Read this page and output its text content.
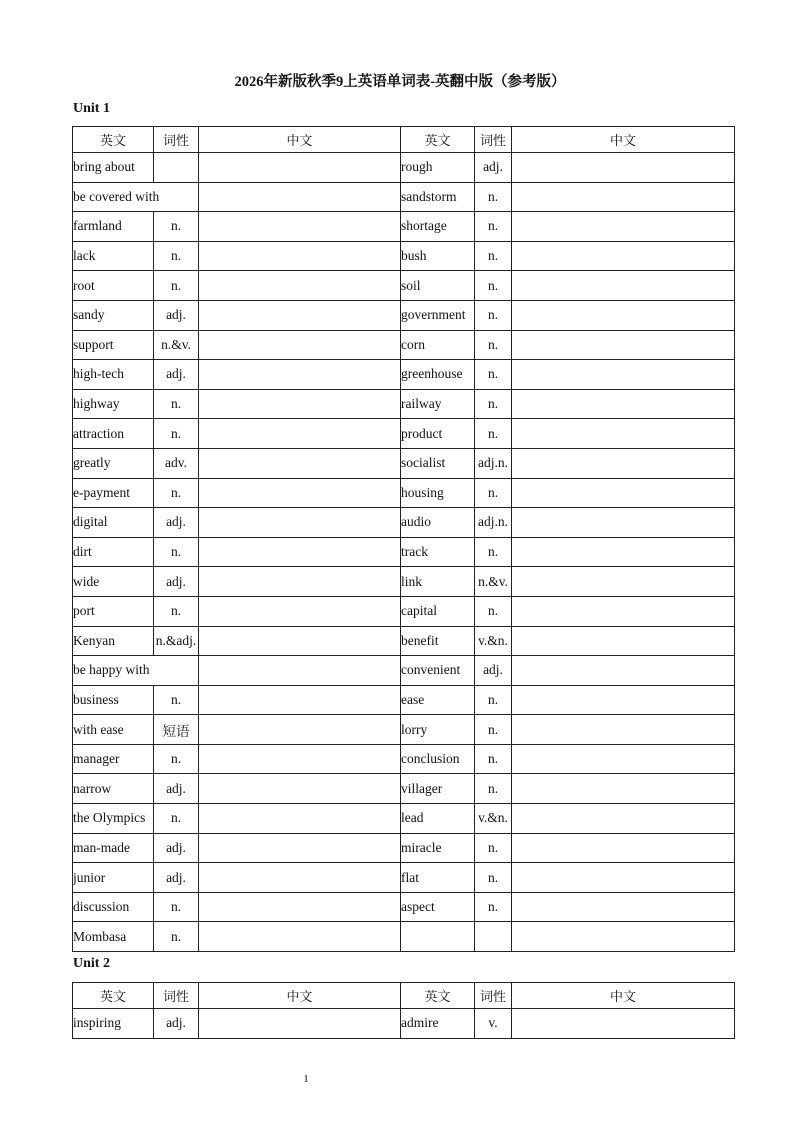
2026年新版秋季9上英语单词表-英翻中版（参考版）
Unit 1
英文	词性	中文	英文	词性	中文
bring about			rough	adj.	
be covered with			sandstorm	n.	
farmland	n.		shortage	n.	
lack	n.		bush	n.	
root	n.		soil	n.	
sandy	adj.		government	n.	
support	n.&v.		corn	n.	
high-tech	adj.		greenhouse	n.	
highway	n.		railway	n.	
attraction	n.		product	n.	
greatly	adv.		socialist	adj.n.	
e-payment	n.		housing	n.	
digital	adj.		audio	adj.n.	
dirt	n.		track	n.	
wide	adj.		link	n.&v.	
port	n.		capital	n.	
Kenyan	n.&adj.		benefit	v.&n.	
be happy with			convenient	adj.	
business	n.		ease	n.	
with ease	短语		lorry	n.	
manager	n.		conclusion	n.	
narrow	adj.		villager	n.	
the Olympics	n.		lead	v.&n.	
man-made	adj.		miracle	n.	
junior	adj.		flat	n.	
discussion	n.		aspect	n.	
Mombasa	n.				
Unit 2
英文	词性	中文	英文	词性	中文
inspiring	adj.		admire	v.	
1
